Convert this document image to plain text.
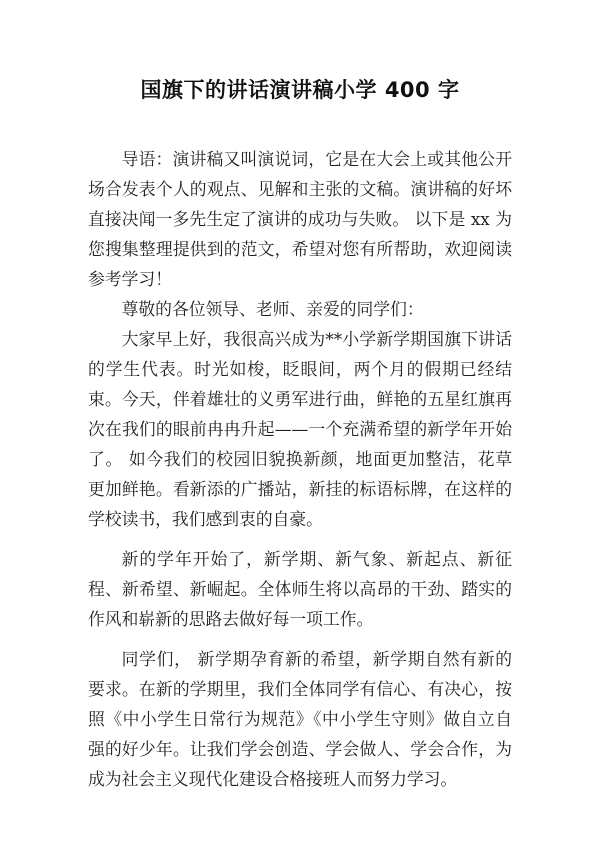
国旗下的讲话演讲稿小学 400 字

导语：演讲稿又叫演说词，它是在大会上或其他公开场合发表个人的观点、见解和主张的文稿。演讲稿的好坏直接决闻一多先生定了演讲的成功与失败。 以下是 xx 为您搜集整理提供到的范文，希望对您有所帮助，欢迎阅读参考学习！

尊敬的各位领导、老师、亲爱的同学们：

大家早上好，我很高兴成为**小学新学期国旗下讲话的学生代表。时光如梭，眨眼间，两个月的假期已经结束。今天，伴着雄壮的义勇军进行曲，鲜艳的五星红旗再次在我们的眼前冉冉升起——一个充满希望的新学年开始了。 如今我们的校园旧貌换新颜，地面更加整洁，花草更加鲜艳。看新添的广播站，新挂的标语标牌，在这样的学校读书，我们感到衷的自豪。

新的学年开始了，新学期、新气象、新起点、新征程、新希望、新崛起。全体师生将以高昂的干劲、踏实的作风和崭新的思路去做好每一项工作。

同学们， 新学期孕育新的希望，新学期自然有新的要求。在新的学期里，我们全体同学有信心、有决心，按照《中小学生日常行为规范》《中小学生守则》做自立自强的好少年。让我们学会创造、学会做人、学会合作，为成为社会主义现代化建设合格接班人而努力学习。
